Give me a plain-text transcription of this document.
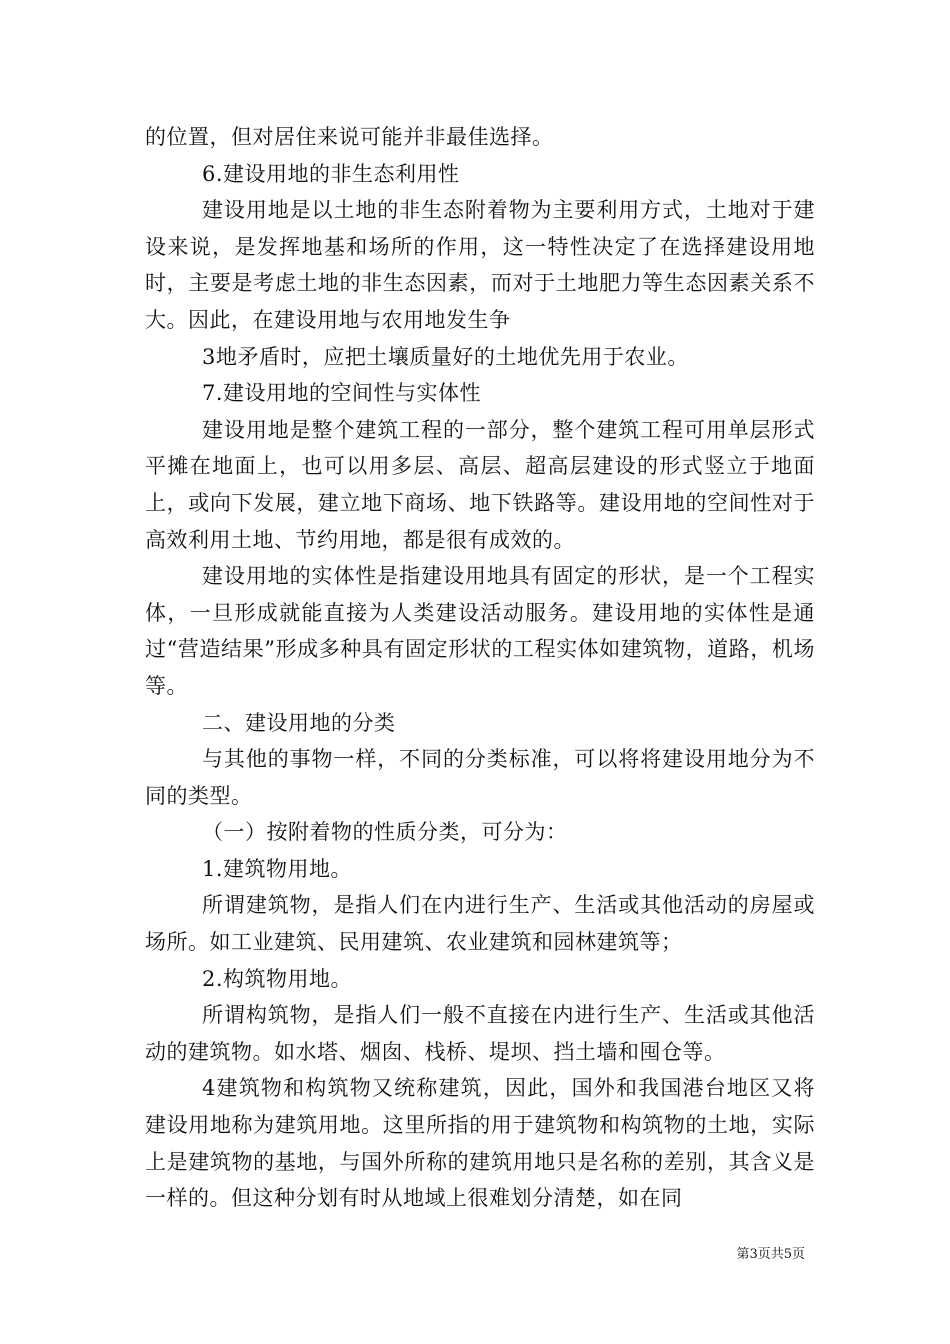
的位置，但对居住来说可能并非最佳选择。

6.建设用地的非生态利用性

建设用地是以土地的非生态附着物为主要利用方式，土地对于建设来说，是发挥地基和场所的作用，这一特性决定了在选择建设用地时，主要是考虑土地的非生态因素，而对于土地肥力等生态因素关系不大。因此，在建设用地与农用地发生争

3地矛盾时，应把土壤质量好的土地优先用于农业。

7.建设用地的空间性与实体性

建设用地是整个建筑工程的一部分，整个建筑工程可用单层形式平摊在地面上，也可以用多层、高层、超高层建设的形式竖立于地面上，或向下发展，建立地下商场、地下铁路等。建设用地的空间性对于高效利用土地、节约用地，都是很有成效的。

建设用地的实体性是指建设用地具有固定的形状，是一个工程实体，一旦形成就能直接为人类建设活动服务。建设用地的实体性是通过“营造结果”形成多种具有固定形状的工程实体如建筑物，道路，机场等。

二、建设用地的分类

与其他的事物一样，不同的分类标准，可以将将建设用地分为不同的类型。

（一）按附着物的性质分类，可分为：

1.建筑物用地。

所谓建筑物，是指人们在内进行生产、生活或其他活动的房屋或场所。如工业建筑、民用建筑、农业建筑和园林建筑等；

2.构筑物用地。

所谓构筑物，是指人们一般不直接在内进行生产、生活或其他活动的建筑物。如水塔、烟囱、栈桥、堤坝、挡土墙和囤仓等。

4建筑物和构筑物又统称建筑，因此，国外和我国港台地区又将建设用地称为建筑用地。这里所指的用于建筑物和构筑物的土地，实际上是建筑物的基地，与国外所称的建筑用地只是名称的差别，其含义是一样的。但这种分划有时从地域上很难划分清楚，如在同

第3页共5页
